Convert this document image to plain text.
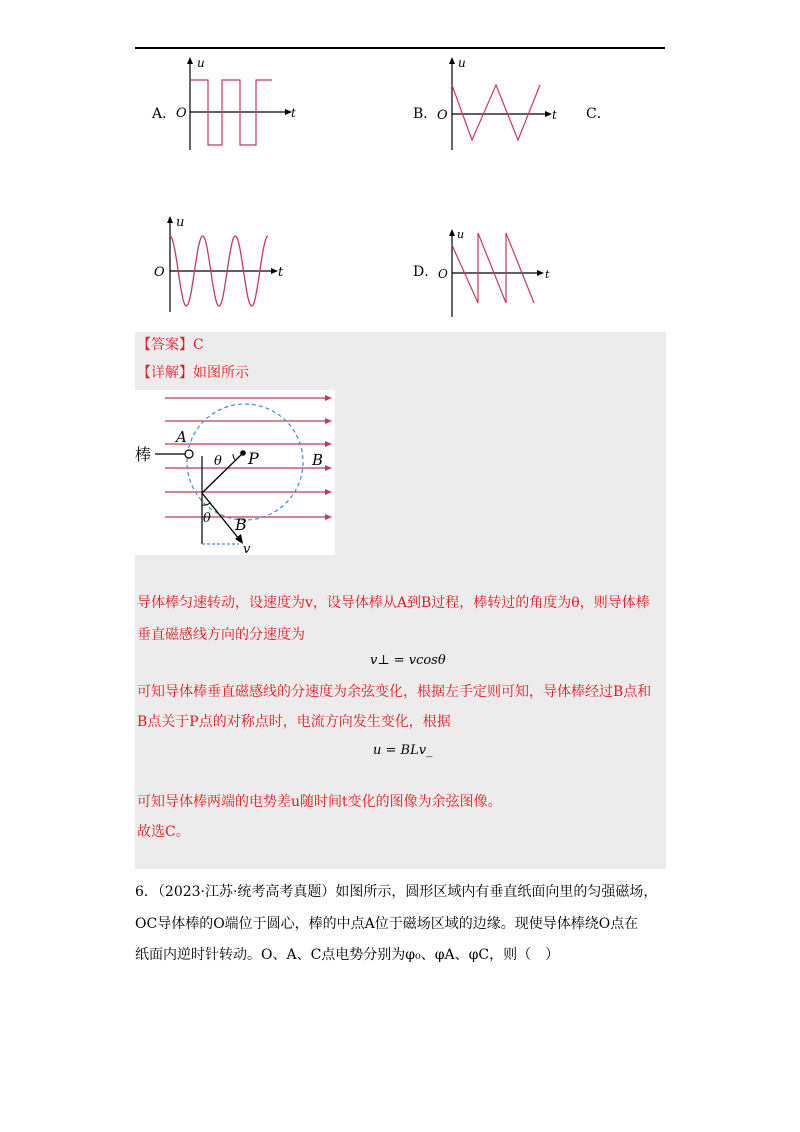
A．
u
t
O	B．
u
t
O	C．
u
t
O	D．
u
t
O
【答案】C
【详解】如图所示
棒
A
θ P	B
θ B
v
导体棒匀速转动，设速度为v，设导体棒从A到B过程，棒转过的角度为θ，则导体棒
垂直磁感线方向的分速度为
v⊥ = vcosθ
可知导体棒垂直磁感线的分速度为余弦变化，根据左手定则可知，导体棒经过B点和
B点关于P点的对称点时，电流方向发生变化，根据
u = BLv_
可知导体棒两端的电势差u随时间t变化的图像为余弦图像。
故选C。
6．（2023·江苏·统考高考真题）如图所示，圆形区域内有垂直纸面向里的匀强磁场，
OC导体棒的O端位于圆心，棒的中点A位于磁场区域的边缘。现使导体棒绕O点在
纸面内逆时针转动。O、A、C点电势分别为φ₀、φA、φC，则（　）
